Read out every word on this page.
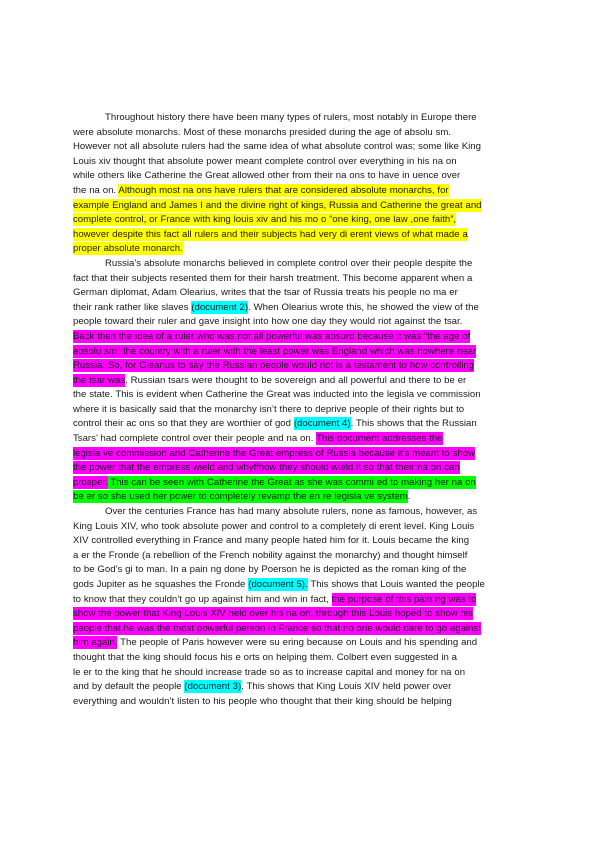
Throughout history there have been many types of rulers, most notably in Europe there
were absolute monarchs. Most of these monarchs presided during the age of absolu sm.
However not all absolute rulers had the same idea of what absolute control was; some like King
Louis xiv thought that absolute power meant complete control over everything in his na on
while others like Catherine the Great allowed other from their na ons to have in uence over
the na on. Although most na ons have rulers that are considered absolute monarchs, for
example England and James I and the divine right of kings, Russia and Catherine the great and
complete control, or France with king louis xiv and his mo o “one king, one law ,one faith”,
however despite this fact all rulers and their subjects had very di erent views of what made a
proper absolute monarch.
Russia’s absolute monarchs believed in complete control over their people despite the
fact that their subjects resented them for their harsh treatment. This become apparent when a
German diplomat, Adam Olearius, writes that the tsar of Russia treats his people no ma er
their rank rather like slaves (document 2). When Olearius wrote this, he showed the view of the
people toward their ruler and gave insight into how one day they would riot against the tsar.
Back then the idea of a ruler who was not all powerful was absurd because it was “the age of
absolu sm” the country with a ruler with the least power was England which was nowhere near
Russia. So, for Olearius to say the Russian people would riot is a testament to how controlling
the tsar was. Russian tsars were thought to be sovereign and all powerful and there to be er
the state. This is evident when Catherine the Great was inducted into the legisla ve commission
where it is basically said that the monarchy isn’t there to deprive people of their rights but to
control their ac ons so that they are worthier of god (document 4). This shows that the Russian
Tsars’ had complete control over their people and na on. This document addresses the
legisla ve commission and Catherine the Great empress of Russia because it’s meant to show
the power that the empress wield and whyffhow they should wield it so that their na on can
prosper. This can be seen with Catherine the Great as she was commi ed to making her na on
be er so she used her power to completely revamp the en re legisla ve system.
Over the centuries France has had many absolute rulers, none as famous, however, as
King Louis XIV, who took absolute power and control to a completely di erent level. King Louis
XIV controlled everything in France and many people hated him for it. Louis became the king
a er the Fronde (a rebellion of the French nobility against the monarchy) and thought himself
to be God’s gi to man. In a pain ng done by Poerson he is depicted as the roman king of the
gods Jupiter as he squashes the Fronde (document 5). This shows that Louis wanted the people
to know that they couldn’t go up against him and win in fact, the purpose of this pain ng was to
show the power that King Louis XIV held over his na on, through this Louis hoped to show his
people that he was the most powerful person in France so that no one would dare to go against
him again. The people of Paris however were su ering because on Louis and his spending and
thought that the king should focus his e orts on helping them. Colbert even suggested in a
le er to the king that he should increase trade so as to increase capital and money for na on
and by default the people (document 3). This shows that King Louis XIV held power over
everything and wouldn’t listen to his people who thought that their king should be helping
